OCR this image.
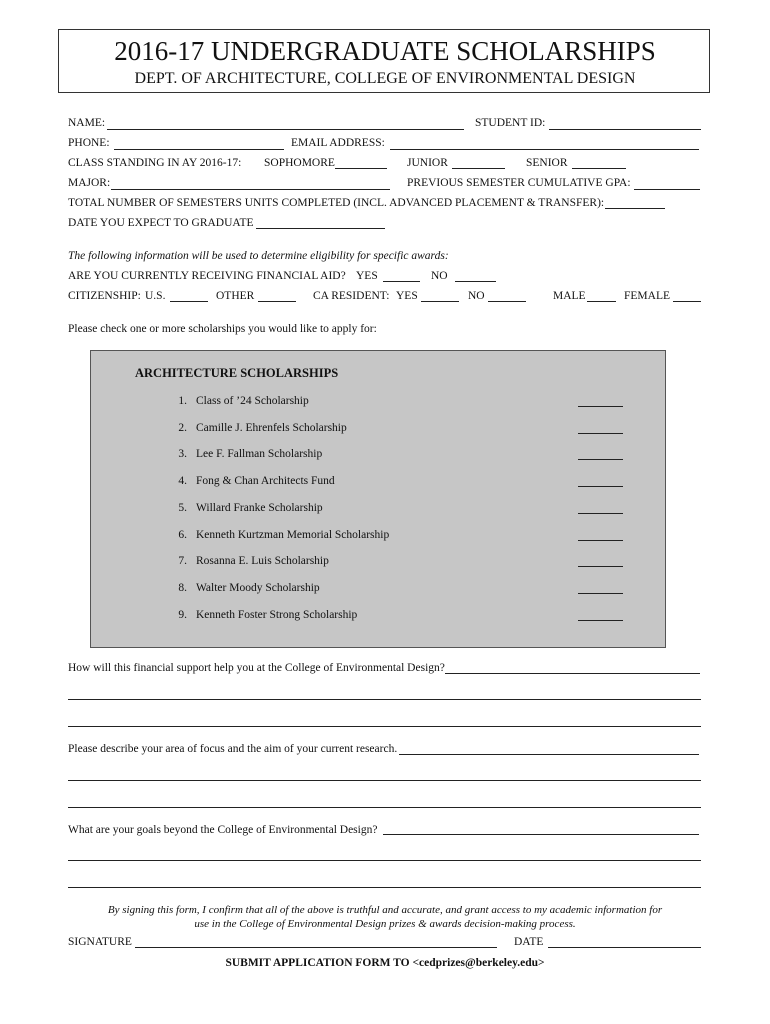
2016-17 UNDERGRADUATE SCHOLARSHIPS
DEPT. OF ARCHITECTURE, COLLEGE OF ENVIRONMENTAL DESIGN
NAME:	STUDENT ID:
PHONE:	EMAIL ADDRESS:
CLASS STANDING IN AY 2016-17: SOPHOMORE	JUNIOR	SENIOR
MAJOR:	PREVIOUS SEMESTER CUMULATIVE GPA:
TOTAL NUMBER OF SEMESTERS UNITS COMPLETED (INCL. ADVANCED PLACEMENT & TRANSFER):
DATE YOU EXPECT TO GRADUATE
The following information will be used to determine eligibility for specific awards:
ARE YOU CURRENTLY RECEIVING FINANCIAL AID? YES	NO
CITIZENSHIP: U.S.	OTHER	CA RESIDENT: YES	NO	MALE	FEMALE
Please check one or more scholarships you would like to apply for:
ARCHITECTURE SCHOLARSHIPS
1. Class of ’24 Scholarship
2. Camille J. Ehrenfels Scholarship
3. Lee F. Fallman Scholarship
4. Fong & Chan Architects Fund
5. Willard Franke Scholarship
6. Kenneth Kurtzman Memorial Scholarship
7. Rosanna E. Luis Scholarship
8. Walter Moody Scholarship
9. Kenneth Foster Strong Scholarship
How will this financial support help you at the College of Environmental Design?
Please describe your area of focus and the aim of your current research.
What are your goals beyond the College of Environmental Design?
By signing this form, I confirm that all of the above is truthful and accurate, and grant access to my academic information for
use in the College of Environmental Design prizes & awards decision-making process.
SIGNATURE	DATE
SUBMIT APPLICATION FORM TO <cedprizes@berkeley.edu>
